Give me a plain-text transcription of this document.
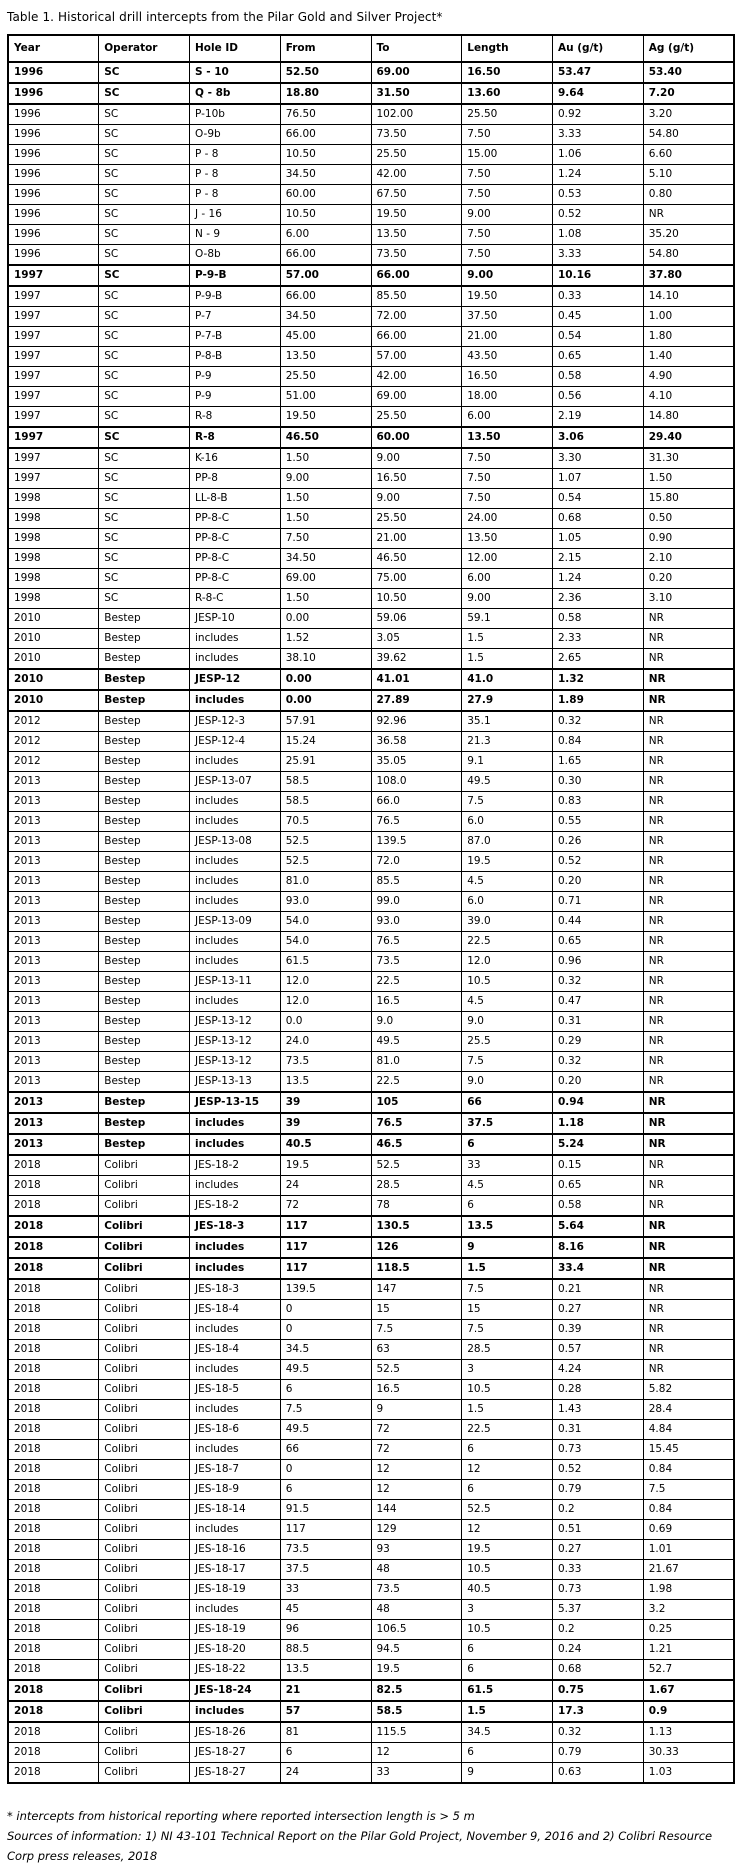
Table 1. Historical drill intercepts from the Pilar Gold and Silver Project*
Year	Operator	Hole ID	From	To	Length	Au (g/t)	Ag (g/t)
1996	SC	S - 10	52.50	69.00	16.50	53.47	53.40
1996	SC	Q - 8b	18.80	31.50	13.60	9.64	7.20
1996	SC	P-10b	76.50	102.00	25.50	0.92	3.20
1996	SC	O-9b	66.00	73.50	7.50	3.33	54.80
1996	SC	P - 8	10.50	25.50	15.00	1.06	6.60
1996	SC	P - 8	34.50	42.00	7.50	1.24	5.10
1996	SC	P - 8	60.00	67.50	7.50	0.53	0.80
1996	SC	J - 16	10.50	19.50	9.00	0.52	NR
1996	SC	N - 9	6.00	13.50	7.50	1.08	35.20
1996	SC	O-8b	66.00	73.50	7.50	3.33	54.80
1997	SC	P-9-B	57.00	66.00	9.00	10.16	37.80
1997	SC	P-9-B	66.00	85.50	19.50	0.33	14.10
1997	SC	P-7	34.50	72.00	37.50	0.45	1.00
1997	SC	P-7-B	45.00	66.00	21.00	0.54	1.80
1997	SC	P-8-B	13.50	57.00	43.50	0.65	1.40
1997	SC	P-9	25.50	42.00	16.50	0.58	4.90
1997	SC	P-9	51.00	69.00	18.00	0.56	4.10
1997	SC	R-8	19.50	25.50	6.00	2.19	14.80
1997	SC	R-8	46.50	60.00	13.50	3.06	29.40
1997	SC	K-16	1.50	9.00	7.50	3.30	31.30
1997	SC	PP-8	9.00	16.50	7.50	1.07	1.50
1998	SC	LL-8-B	1.50	9.00	7.50	0.54	15.80
1998	SC	PP-8-C	1.50	25.50	24.00	0.68	0.50
1998	SC	PP-8-C	7.50	21.00	13.50	1.05	0.90
1998	SC	PP-8-C	34.50	46.50	12.00	2.15	2.10
1998	SC	PP-8-C	69.00	75.00	6.00	1.24	0.20
1998	SC	R-8-C	1.50	10.50	9.00	2.36	3.10
2010	Bestep	JESP-10	0.00	59.06	59.1	0.58	NR
2010	Bestep	includes	1.52	3.05	1.5	2.33	NR
2010	Bestep	includes	38.10	39.62	1.5	2.65	NR
2010	Bestep	JESP-12	0.00	41.01	41.0	1.32	NR
2010	Bestep	includes	0.00	27.89	27.9	1.89	NR
2012	Bestep	JESP-12-3	57.91	92.96	35.1	0.32	NR
2012	Bestep	JESP-12-4	15.24	36.58	21.3	0.84	NR
2012	Bestep	includes	25.91	35.05	9.1	1.65	NR
2013	Bestep	JESP-13-07	58.5	108.0	49.5	0.30	NR
2013	Bestep	includes	58.5	66.0	7.5	0.83	NR
2013	Bestep	includes	70.5	76.5	6.0	0.55	NR
2013	Bestep	JESP-13-08	52.5	139.5	87.0	0.26	NR
2013	Bestep	includes	52.5	72.0	19.5	0.52	NR
2013	Bestep	includes	81.0	85.5	4.5	0.20	NR
2013	Bestep	includes	93.0	99.0	6.0	0.71	NR
2013	Bestep	JESP-13-09	54.0	93.0	39.0	0.44	NR
2013	Bestep	includes	54.0	76.5	22.5	0.65	NR
2013	Bestep	includes	61.5	73.5	12.0	0.96	NR
2013	Bestep	JESP-13-11	12.0	22.5	10.5	0.32	NR
2013	Bestep	includes	12.0	16.5	4.5	0.47	NR
2013	Bestep	JESP-13-12	0.0	9.0	9.0	0.31	NR
2013	Bestep	JESP-13-12	24.0	49.5	25.5	0.29	NR
2013	Bestep	JESP-13-12	73.5	81.0	7.5	0.32	NR
2013	Bestep	JESP-13-13	13.5	22.5	9.0	0.20	NR
2013	Bestep	JESP-13-15	39	105	66	0.94	NR
2013	Bestep	includes	39	76.5	37.5	1.18	NR
2013	Bestep	includes	40.5	46.5	6	5.24	NR
2018	Colibri	JES-18-2	19.5	52.5	33	0.15	NR
2018	Colibri	includes	24	28.5	4.5	0.65	NR
2018	Colibri	JES-18-2	72	78	6	0.58	NR
2018	Colibri	JES-18-3	117	130.5	13.5	5.64	NR
2018	Colibri	includes	117	126	9	8.16	NR
2018	Colibri	includes	117	118.5	1.5	33.4	NR
2018	Colibri	JES-18-3	139.5	147	7.5	0.21	NR
2018	Colibri	JES-18-4	0	15	15	0.27	NR
2018	Colibri	includes	0	7.5	7.5	0.39	NR
2018	Colibri	JES-18-4	34.5	63	28.5	0.57	NR
2018	Colibri	includes	49.5	52.5	3	4.24	NR
2018	Colibri	JES-18-5	6	16.5	10.5	0.28	5.82
2018	Colibri	includes	7.5	9	1.5	1.43	28.4
2018	Colibri	JES-18-6	49.5	72	22.5	0.31	4.84
2018	Colibri	includes	66	72	6	0.73	15.45
2018	Colibri	JES-18-7	0	12	12	0.52	0.84
2018	Colibri	JES-18-9	6	12	6	0.79	7.5
2018	Colibri	JES-18-14	91.5	144	52.5	0.2	0.84
2018	Colibri	includes	117	129	12	0.51	0.69
2018	Colibri	JES-18-16	73.5	93	19.5	0.27	1.01
2018	Colibri	JES-18-17	37.5	48	10.5	0.33	21.67
2018	Colibri	JES-18-19	33	73.5	40.5	0.73	1.98
2018	Colibri	includes	45	48	3	5.37	3.2
2018	Colibri	JES-18-19	96	106.5	10.5	0.2	0.25
2018	Colibri	JES-18-20	88.5	94.5	6	0.24	1.21
2018	Colibri	JES-18-22	13.5	19.5	6	0.68	52.7
2018	Colibri	JES-18-24	21	82.5	61.5	0.75	1.67
2018	Colibri	includes	57	58.5	1.5	17.3	0.9
2018	Colibri	JES-18-26	81	115.5	34.5	0.32	1.13
2018	Colibri	JES-18-27	6	12	6	0.79	30.33
2018	Colibri	JES-18-27	24	33	9	0.63	1.03

* intercepts from historical reporting where reported intersection length is > 5 m

Sources of information: 1) NI 43-101 Technical Report on the Pilar Gold Project, November 9, 2016 and 2) Colibri Resource Corp press releases, 2018
